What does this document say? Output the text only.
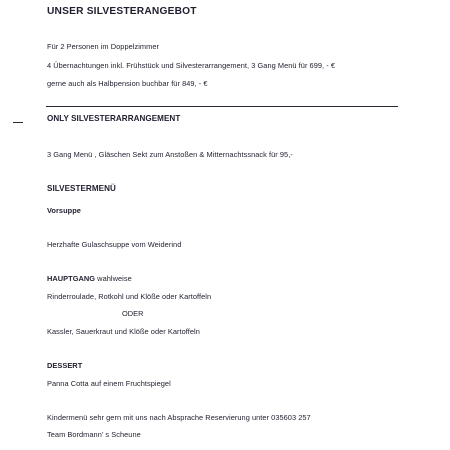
UNSER SILVESTERANGEBOT
Für 2 Personen im Doppelzimmer
4 Übernachtungen inkl. Frühstück und Silvesterarrangement, 3 Gang Menü für 699, - €
gerne auch als Halbpension buchbar für 849, - €
ONLY SILVESTERARRANGEMENT
3 Gang Menü , Gläschen Sekt zum Anstoßen & Mitternachtssnack für 95,-
SILVESTERMENÜ
Vorsuppe
Herzhafte Gulaschsuppe vom Weiderind
HAUPTGANG wahlweise
Rinderroulade, Rotkohl und Klöße oder Kartoffeln
ODER
Kassler, Sauerkraut und Klöße oder Kartoffeln
DESSERT
Panna Cotta auf einem Fruchtspiegel
Kindermenü sehr gern mit uns nach Absprache Reservierung unter 035603 257
Team Bordmann’ s Scheune
